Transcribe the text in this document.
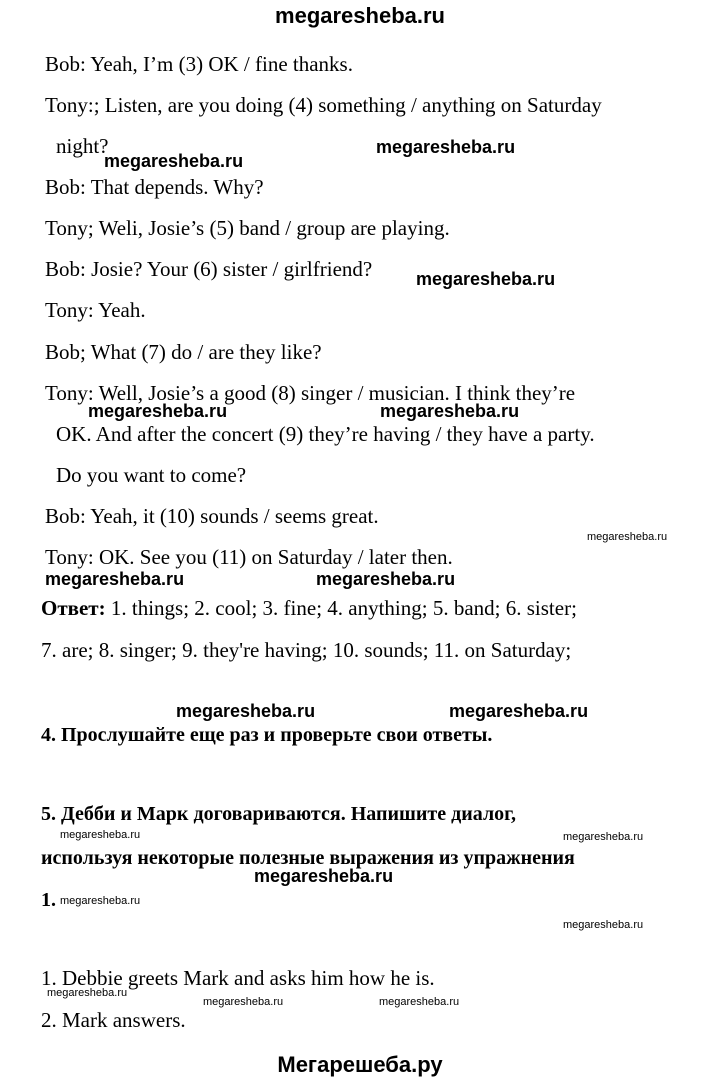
megaresheba.ru
Bob: Yeah, I’m (3) OK / fine thanks.
Tony:; Listen, are you doing (4) something / anything on Saturday
night?
Bob: That depends. Why?
Tony; Weli, Josie’s (5) band / group are playing.
Bob: Josie? Your (6) sister / girlfriend?
Tony: Yeah.
Bob; What (7) do / are they like?
Tony: Well, Josie’s a good (8) singer / musician. I think they’re
OK. And after the concert (9) they’re having / they have a party.
Do you want to come?
Bob: Yeah, it (10) sounds / seems great.
Tony: OK. See you (11) on Saturday / later then.
Ответ: 1. things; 2. cool; 3. fine; 4. anything; 5. band; 6. sister;
7. are; 8. singer; 9. they're having; 10. sounds; 11. on Saturday;
4. Прослушайте еще раз и проверьте свои ответы.
5. Дебби и Марк договариваются. Напишите диалог,
используя некоторые полезные выражения из упражнения
1.
1. Debbie greets Mark and asks him how he is.
2. Mark answers.
megaresheba.ru
megaresheba.ru
megaresheba.ru
megaresheba.ru	megaresheba.ru
megaresheba.ru
megaresheba.ru	megaresheba.ru
megaresheba.ru	megaresheba.ru
megaresheba.ru	megaresheba.ru
megaresheba.ru
megaresheba.ru
megaresheba.ru
megaresheba.ru
megaresheba.ru	megaresheba.ru
Мегарешеба.ру
